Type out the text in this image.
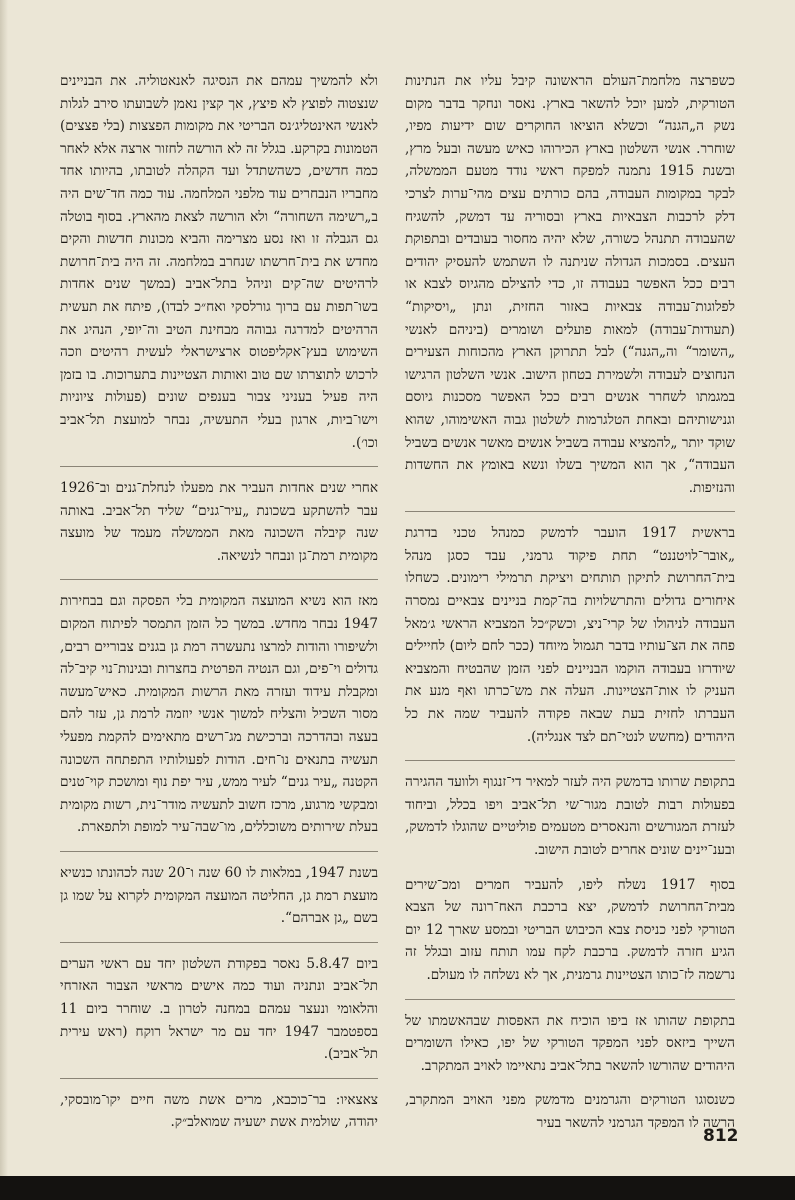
כשפרצה מלחמת־העולם הראשונה קיבל עליו את הנתינות הטורקית, למען יוכל להשאר בארץ. נאסר ונחקר בדבר מקום נשק ה„הגנה“ וכשלא הוציאו החוקרים שום ידיעות מפיו, שוחרר. אנשי השלטון בארץ הכירוהו כאיש מעשה ובעל מרץ, ובשנת 1915 נתמנה למפקח ראשי נודד מטעם הממשלה, לבקר במקומות העבודה, בהם כורתים עצים מהי־ערות לצרכי דלק לרכבות הצבאיות בארץ ובסוריה עד דמשק, להשגיח שהעבודה תתנהל כשורה, שלא יהיה מחסור בעובדים ובתפוקת העצים. בסמכות הגדולה שניתנה לו השתמש להעסיק יהודים רבים ככל האפשר בעבודה זו, כדי להצילם מהגיוס לצבא או לפלוגות־עבודה צבאיות באזור החזית, ונתן „ויסיקות“ (תעודות־עבודה) למאות פועלים ושומרים (ביניהם לאנשי „השומר“ וה„הגנה“) לבל תתרוקן הארץ מהכוחות הצעירים הנחוצים לעבודה ולשמירת בטחון הישוב. אנשי השלטון הרגישו במגמתו לשחרר אנשים רבים ככל האפשר מסכנות גיוסם וגנישותיהם ובאחת הטלגרמות לשלטון גבוה האשימוהו, שהוא שוקד יותר „להמציא עבודה בשביל אנשים מאשר אנשים בשביל העבודה“, אך הוא המשיך בשלו ונשא באומץ את החשדות והנזיפות.

בראשית 1917 הועבר לדמשק כמנהל טכני בדרגת „אובר־לויטננט“ תחת פיקוד גרמני, עבד כסגן מנהל בית־החרושת לתיקון תותחים ויציקת תרמילי רימונים. כשחלו איחורים גדולים והתרשלויות בה־קמת בניינים צבאיים נמסרה העבודה לניהולו של קרי־ניצ, וכשק״כל המצביא הראשי ג׳מאל פחה את הצ־עותיו בדבר תגמול מיוחד (ככר לחם ליום) לחיילים שיודרזו בעבודה הוקמו הבניינים לפני הזמן שהבטיח והמצביא העניק לו אות־הצטיינות. העלה את מש־כרתו ואף מנע את העברתו לחזית בעת שבאה פקודה להעביר שמה את כל היהודים (מחשש לנטי־תם לצד אנגליה).

בתקופת שרותו בדמשק היה לעזר למאיר די־זנגוף ולוועד ההגירה בפעולות רבות לטובת מגור־שי תל־אביב ויפו בכלל, וביחוד לעזרת המגורשים והנאסרים מטעמים פוליטיים שהוגלו לדמשק, ובענ־יינים שונים אחרים לטובת הישוב.

בסוף 1917 נשלח ליפו, להעביר חמרים ומכ־שירים מבית־החרושת לדמשק, יצא ברכבת האח־רונה של הצבא הטורקי לפני כניסת צבא הכיבוש הבריטי ובמסע שארך 12 יום הגיע חזרה לדמשק. ברכבת לקח עמו תותח עזוב ובגלל זה נרשמה לז־כותו הצטיינות גרמנית, אך לא נשלחה לו מעולם.

בתקופת שהותו אז ביפו הוכיח את האפסות שבהאשמתו של השייך ביזאס לפני המפקד הטורקי של יפו, כאילו השומרים היהודים שהורשו להשאר בתל־אביב נתאיימו לאויב המתקרב.

כשנסוגו הטורקים והגרמנים מדמשק מפני האויב המתקרב, הרשה לו המפקד הגרמני להשאר בעיר

ולא להמשיך עמהם את הנסיגה לאנאטוליה. את הבניינים שנצטוה לפוצץ לא פיצץ, אך קצין נאמן לשבועתו סירב לגלות לאנשי האינטליג׳נס הבריטי את מקומות הפצצות (בלי פצצים) הטמונות בקרקע. בגלל זה לא הורשה לחזור ארצה אלא לאחר כמה חדשים, כשהשתדל ועד הקהלה לטובתו, בהיותו אחד מחבריו הנבחרים עוד מלפני המלחמה. עוד כמה חד־שים היה ב„רשימה השחורה“ ולא הורשה לצאת מהארץ. בסוף בוטלה גם הגבלה זו ואז נסע מצרימה והביא מכונות חדשות והקים מחדש את בית־חרשתו שנחרב במלחמה. זה היה בית־חרושת לרהיטים שה־קים וניהל בתל־אביב (במשך שנים אחדות בשו־תפות עם ברוך גורלסקי ואח״כ לבדו), פיתח את תעשית הרהיטים למדרגה גבוהה מבחינת הטיב וה־יופי, הנהיג את השימוש בעץ־אקליפטוס ארצישראלי לעשית רהיטים וזכה לרכוש לתוצרתו שם טוב ואותות הצטיינות בתערוכות. בו בזמן היה פעיל בעניני צבור בענפים שונים (פעולות ציוניות וישו־ביות, ארגון בעלי התעשיה, נבחר למועצת תל־אביב וכו׳).

אחרי שנים אחדות העביר את מפעלו לנחלת־גנים וב־1926 עבר להשתקע בשכונת „עיר־גנים“ שליד תל־אביב. באותה שנה קיבלה השכונה מאת הממשלה מעמד של מועצה מקומית רמת־גן ונבחר לנשיאה.

מאז הוא נשיא המועצה המקומית בלי הפסקה וגם בבחירות 1947 נבחר מחדש. במשך כל הזמן התמסר לפיתוח המקום ולשיפורו והודות למרצו נתעשרה רמת גן בגנים צבוריים רבים, גדולים וי־פים, וגם הנטיה הפרטית בחצרות ובגינות־נוי קיב־לה ומקבלת עידוד ועזרה מאת הרשות המקומית. כאיש־מעשה מסור השכיל והצליח למשוך אנשי יוזמה לרמת גן, עזר להם בעצה ובהדרכה וברכישת מג־רשים מתאימים להקמת מפעלי תעשיה בתנאים נו־חים. הודות לפעולותיו התפתחה השכונה הקטנה „עיר גנים“ לעיר ממש, עיר יפת נוף ומושכת קוי־טנים ומבקשי מרגוע, מרכז חשוב לתעשיה מודר־נית, רשות מקומית בעלת שירותים משוכללים, מו־שבה־עיר למופת ולתפארת.

בשנת 1947, במלאות לו 60 שנה ו־20 שנה לכהונתו כנשיא מועצת רמת גן, החליטה המועצה המקומית לקרוא על שמו גן בשם „גן אברהם“.

ביום 5.8.47 נאסר בפקודת השלטון יחד עם ראשי הערים תל־אביב ונתניה ועוד כמה אישים מראשי הצבור האזרחי והלאומי ונעצר עמהם במחנה לטרון ב. שוחרר ביום 11 בספטמבר 1947 יחד עם מר ישראל רוקח (ראש עירית תל־אביב).

צאצאיו: בר־כוכבא, מרים אשת משה חיים יקו־מובסקי, יהודה, שולמית אשת ישעיה שמואלב״ק.

812
